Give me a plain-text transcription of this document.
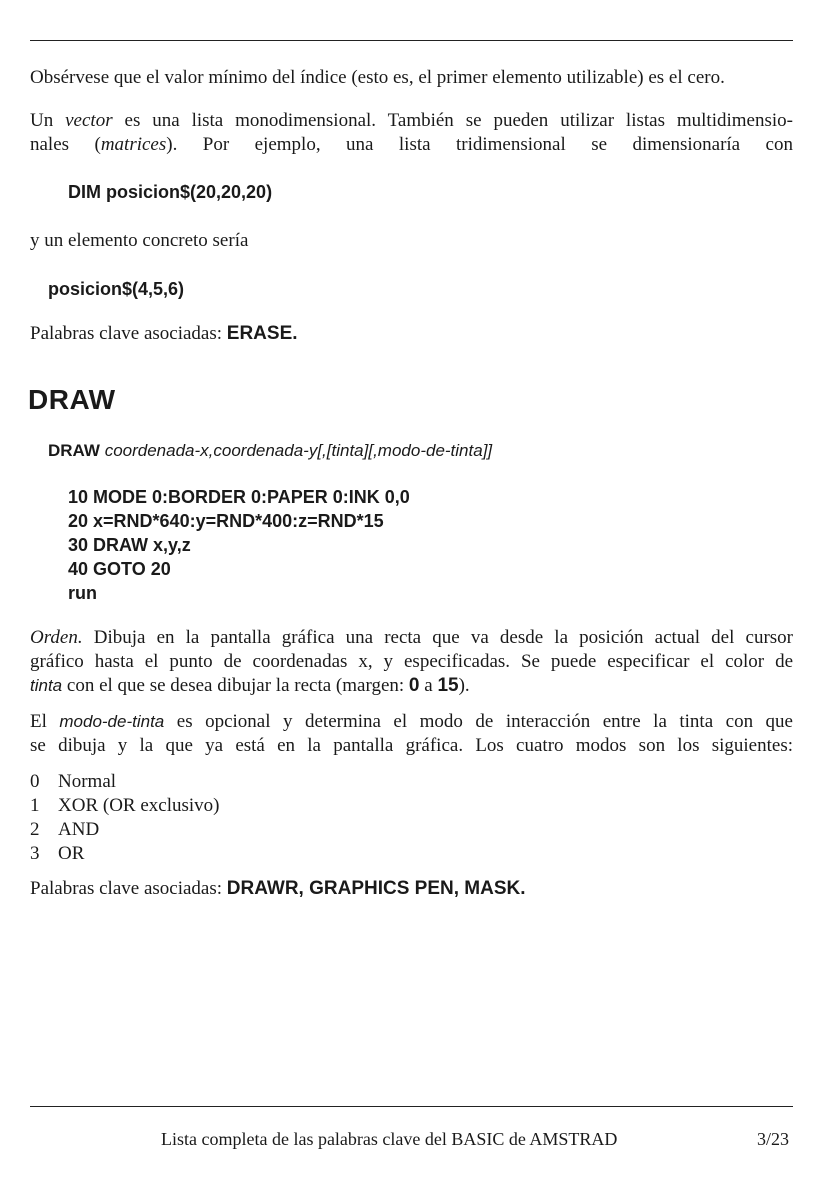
Obsérvese que el valor mínimo del índice (esto es, el primer elemento utilizable) es el cero.

Un vector es una lista monodimensional. También se pueden utilizar listas multidimensio-

nales (matrices). Por ejemplo, una lista tridimensional se dimensionaría con

DIM posicion$(20,20,20)

y un elemento concreto sería

posicion$(4,5,6)

Palabras clave asociadas: ERASE.

DRAW
DRAW coordenada-x,coordenada-y[,[tinta][,modo-de-tinta]]
10 MODE 0:BORDER 0:PAPER 0:INK 0,0
20 x=RND*640:y=RND*400:z=RND*15
30 DRAW x,y,z
40 GOTO 20
run

Orden. Dibuja en la pantalla gráfica una recta que va desde la posición actual del cursor

gráfico hasta el punto de coordenadas x, y especificadas. Se puede especificar el color de

tinta con el que se desea dibujar la recta (margen: 0 a 15).

El modo-de-tinta es opcional y determina el modo de interacción entre la tinta con que

se dibuja y la que ya está en la pantalla gráfica. Los cuatro modos son los siguientes:

0 Normal
1 XOR (OR exclusivo)
2 AND
3 OR

Palabras clave asociadas: DRAWR, GRAPHICS PEN, MASK.

Lista completa de las palabras clave del BASIC de AMSTRAD	3/23
